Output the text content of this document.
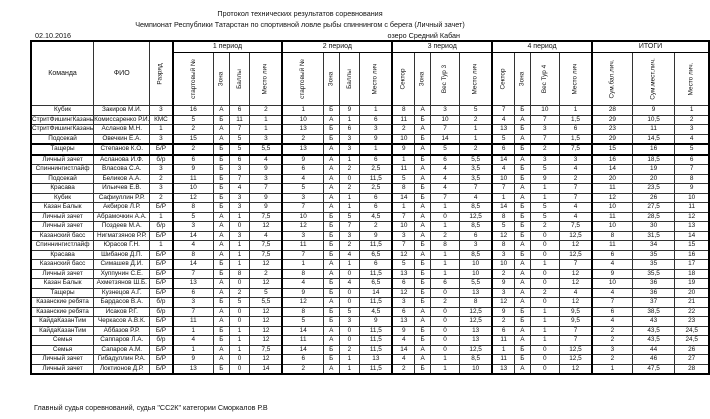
Протокол технических результатов соревнования
Чемпионат Республики Татарстан по спортивной ловле рыбы спиннингом с берега (Личный зачет)
02.10.2016	озеро Средний Кабан
Команда	ФИО	Разряд	1 период				2 период				3 период				4 период				ИТОГИ		
			стартовый №	Зона	Баллы	Место лич	стартовый №	Зона	Баллы	Место лич	Сектор	Зона	Вес Тур 3	Место лич	Сектор	Зона	Вес Тур 4	Место лич	Сум.бал.лич.	Сум.мест.лич.	Место лич.
Кубик	Закиров М.И.	3	16	А	6	2	1	Б	9	1	8	А	3	5	7	Б	10	1	28	9	1
СтритФишингКазань	Комиссаренко Р.И.	КМС	5	Б	11	1	10	А	1	6	11	Б	10	2	4	А	7	1,5	29	10,5	2
СтритФишингКазань	Асланов М.Н.	1	2	А	7	1	13	Б	6	3	2	А	7	1	13	Б	3	6	23	11	3
Подсекай	Овечкин Е.А.	3	15	А	5	3	2	Б	3	9	10	Б	14	1	5	А	7	1,5	29	14,5	4
Тащеры	Степанов К.О.	Б/Р	2	Б	5	5,5	13	А	3	1	9	А	5	2	6	Б	2	7,5	15	16	5
Личный зачет	Асланова И.Ф.	б/р	6	Б	6	4	9	А	1	6	1	Б	6	5,5	14	А	3	3	16	18,5	6
Спиннингистлайф	Власова С.А.	3	9	Б	3	9	6	А	2	2,5	11	А	4	3,5	4	Б	5	4	14	19	7
Подсекай	Беликов А.А.	2	11	Б	7	3	4	А	0	11,5	5	А	4	3,5	10	Б	9	2	20	20	8
Красава	Ильичев Е.В.	3	10	Б	4	7	5	А	2	2,5	8	Б	4	7	7	А	1	7	11	23,5	9
Кубик	Сафиуллин Р.Р.	2	12	Б	3	9	3	А	1	6	14	Б	7	4	1	А	1	7	12	26	10
Казан Балык	Акбиров Л.Р.	Б/Р	8	Б	3	9	7	А	1	6	1	А	1	8,5	14	Б	5	4	10	27,5	11
Личный зачет	Абрамочкин А.А.	1	5	А	1	7,5	10	Б	5	4,5	7	А	0	12,5	8	Б	5	4	11	28,5	12
Личный зачет	Поздеев М.А.	б/р	3	А	0	12	12	Б	7	2	10	А	1	8,5	5	Б	2	7,5	10	30	13
Казанский басс	Нигматзянов Р.Р.	Б/Р	14	А	3	4	3	Б	3	9	3	А	2	6	12	Б	0	12,5	8	31,5	14
Спиннингистлайф	Юрасов Г.Н.	1	4	А	1	7,5	11	Б	2	11,5	7	Б	8	3	8	А	0	12	11	34	15
Красава	Шибанов Д.П.	Б/Р	8	А	1	7,5	7	Б	4	6,5	12	А	1	8,5	3	Б	0	12,5	6	35	16
Казанский басс	Симашев Д.И.	Б/Р	14	Б	1	12	1	А	1	6	5	Б	1	10	10	А	1	7	4	35	17
Личный зачет	Хуппунин С.Е.	Б/Р	7	Б	8	2	8	А	0	11,5	13	Б	1	10	2	А	0	12	9	35,5	18
Казан Балык	Ахметзянов Ш.Б.	Б/Р	13	А	0	12	4	Б	4	6,5	6	Б	6	5,5	9	А	0	12	10	36	19
Тащеры	Кузнецов А.Г.	Б/Р	6	А	2	5	9	Б	0	14	12	Б	0	13	3	А	2	4	4	36	20
Казанские ребята	Бардасов В.А.	б/р	3	Б	5	5,5	12	А	0	11,5	3	Б	2	8	12	А	0	12	7	37	21
Казанские ребята	Исаков Р.Г.	б/р	7	А	0	12	8	Б	5	4,5	6	А	0	12,5	9	Б	1	9,5	6	38,5	22
КайдаКазанТим	Черкасов А.В.К.	Б/Р	11	А	0	12	5	Б	3	9	13	А	0	12,5	2	Б	1	9,5	4	43	23
КайдаКазанТим	Аббазов Р.Р.	Б/Р	1	Б	1	12	14	А	0	11,5	9	Б	0	13	6	А	1	7	2	43,5	24,5
Семья	Саппаров Л.А.	б/р	4	Б	1	12	11	А	0	11,5	4	Б	0	13	11	А	1	7	2	43,5	24,5
Семья	Сапаров А.М.	Б/Р	1	А	1	7,5	14	Б	2	11,5	14	А	0	12,5	1	Б	0	12,5	3	44	26
Личный зачет	Гибадуллин Р.А.	Б/Р	9	А	0	12	6	Б	1	13	4	А	1	8,5	11	Б	0	12,5	2	46	27
Личный зачет	Локтионов Д.Р.	Б/Р	13	Б	0	14	2	А	1	11,5	2	Б	1	10	13	А	0	12	1	47,5	28
Главный судья соревнований, судья "СС2К" категории Сморкалов Р.В
